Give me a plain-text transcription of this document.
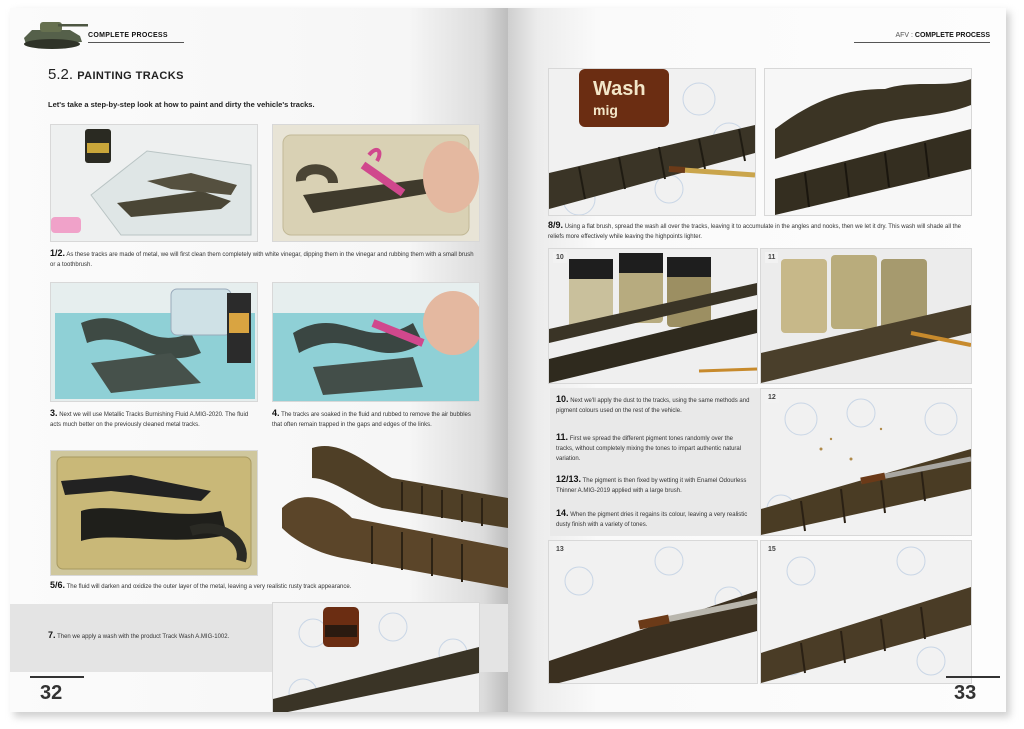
COMPLETE PROCESS
5.2. PAINTING TRACKS
Let's take a step-by-step look at how to paint and dirty the vehicle's tracks.
1/2. As these tracks are made of metal, we will first clean them completely with white vinegar, dipping them in the vinegar and rubbing them with a small brush or a toothbrush.
3. Next we will use Metallic Tracks Burnishing Fluid A.MIG-2020. The fluid acts much better on the previously cleaned metal tracks.
4. The tracks are soaked in the fluid and rubbed to remove the air bubbles that often remain trapped in the gaps and edges of the links.
5/6. The fluid will darken and oxidize the outer layer of the metal, leaving a very realistic rusty track appearance.
7. Then we apply a wash with the product Track Wash A.MIG-1002.
32
AFV : COMPLETE PROCESS
Wash
mig
8/9. Using a flat brush, spread the wash all over the tracks, leaving it to accumulate in the angles and nooks, then we let it dry. This wash will shade all the reliefs more effectively while leaving the highpoints lighter.
10	11
10. Next we'll apply the dust to the tracks, using the same methods and pigment colours used on the rest of the vehicle.
11. First we spread the different pigment tones randomly over the tracks, without completely mixing the tones to impart authentic natural variation.
12/13. The pigment is then fixed by wetting it with Enamel Odourless Thinner A.MIG-2019 applied with a large brush.
14. When the pigment dries it regains its colour, leaving a very realistic dusty finish with a variety of tones.
12
13	15
33
